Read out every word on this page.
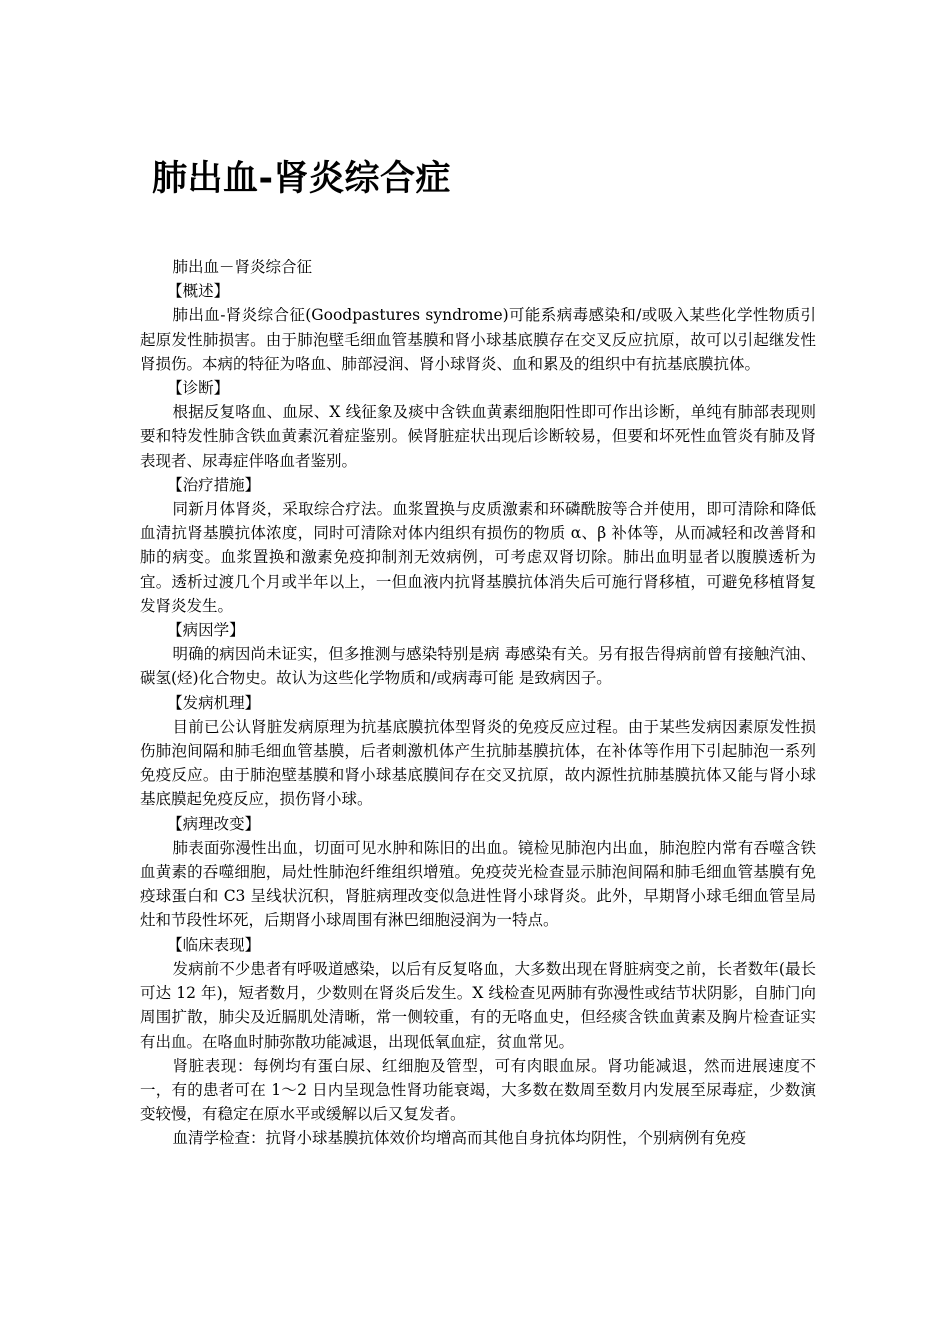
肺出血-肾炎综合症

肺出血－肾炎综合征

【概述】

肺出血-肾炎综合征(Goodpastures syndrome)可能系病毒感染和/或吸入某些化学性物质引起原发性肺损害。由于肺泡壁毛细血管基膜和肾小球基底膜存在交叉反应抗原，故可以引起继发性肾损伤。本病的特征为咯血、肺部浸润、肾小球肾炎、血和累及的组织中有抗基底膜抗体。

【诊断】

根据反复咯血、血尿、X 线征象及痰中含铁血黄素细胞阳性即可作出诊断，单纯有肺部表现则要和特发性肺含铁血黄素沉着症鉴别。候肾脏症状出现后诊断较易，但要和坏死性血管炎有肺及肾表现者、尿毒症伴咯血者鉴别。

【治疗措施】

同新月体肾炎，采取综合疗法。血浆置换与皮质激素和环磷酰胺等合并使用，即可清除和降低血清抗肾基膜抗体浓度，同时可清除对体内组织有损伤的物质 α、β 补体等，从而减轻和改善肾和肺的病变。血浆置换和激素免疫抑制剂无效病例，可考虑双肾切除。肺出血明显者以腹膜透析为宜。透析过渡几个月或半年以上，一但血液内抗肾基膜抗体消失后可施行肾移植，可避免移植肾复发肾炎发生。

【病因学】

明确的病因尚未证实，但多推测与感染特别是病 毒感染有关。另有报告得病前曾有接触汽油、碳氢(烃)化合物史。故认为这些化学物质和/或病毒可能 是致病因子。

【发病机理】

目前已公认肾脏发病原理为抗基底膜抗体型肾炎的免疫反应过程。由于某些发病因素原发性损伤肺泡间隔和肺毛细血管基膜，后者刺激机体产生抗肺基膜抗体，在补体等作用下引起肺泡一系列免疫反应。由于肺泡壁基膜和肾小球基底膜间存在交叉抗原，故内源性抗肺基膜抗体又能与肾小球基底膜起免疫反应，损伤肾小球。

【病理改变】

肺表面弥漫性出血，切面可见水肿和陈旧的出血。镜检见肺泡内出血，肺泡腔内常有吞噬含铁血黄素的吞噬细胞，局灶性肺泡纤维组织增殖。免疫荧光检查显示肺泡间隔和肺毛细血管基膜有免疫球蛋白和 C3 呈线状沉积，肾脏病理改变似急进性肾小球肾炎。此外，早期肾小球毛细血管呈局灶和节段性坏死，后期肾小球周围有淋巴细胞浸润为一特点。

【临床表现】

发病前不少患者有呼吸道感染，以后有反复咯血，大多数出现在肾脏病变之前，长者数年(最长可达 12 年)，短者数月，少数则在肾炎后发生。X 线检查见两肺有弥漫性或结节状阴影，自肺门向周围扩散，肺尖及近膈肌处清晰，常一侧较重，有的无咯血史，但经痰含铁血黄素及胸片检查证实有出血。在咯血时肺弥散功能减退，出现低氧血症，贫血常见。

肾脏表现：每例均有蛋白尿、红细胞及管型，可有肉眼血尿。肾功能减退，然而进展速度不一，有的患者可在 1～2 日内呈现急性肾功能衰竭，大多数在数周至数月内发展至尿毒症，少数演变较慢，有稳定在原水平或缓解以后又复发者。

血清学检查：抗肾小球基膜抗体效价均增高而其他自身抗体均阴性，个别病例有免疫
